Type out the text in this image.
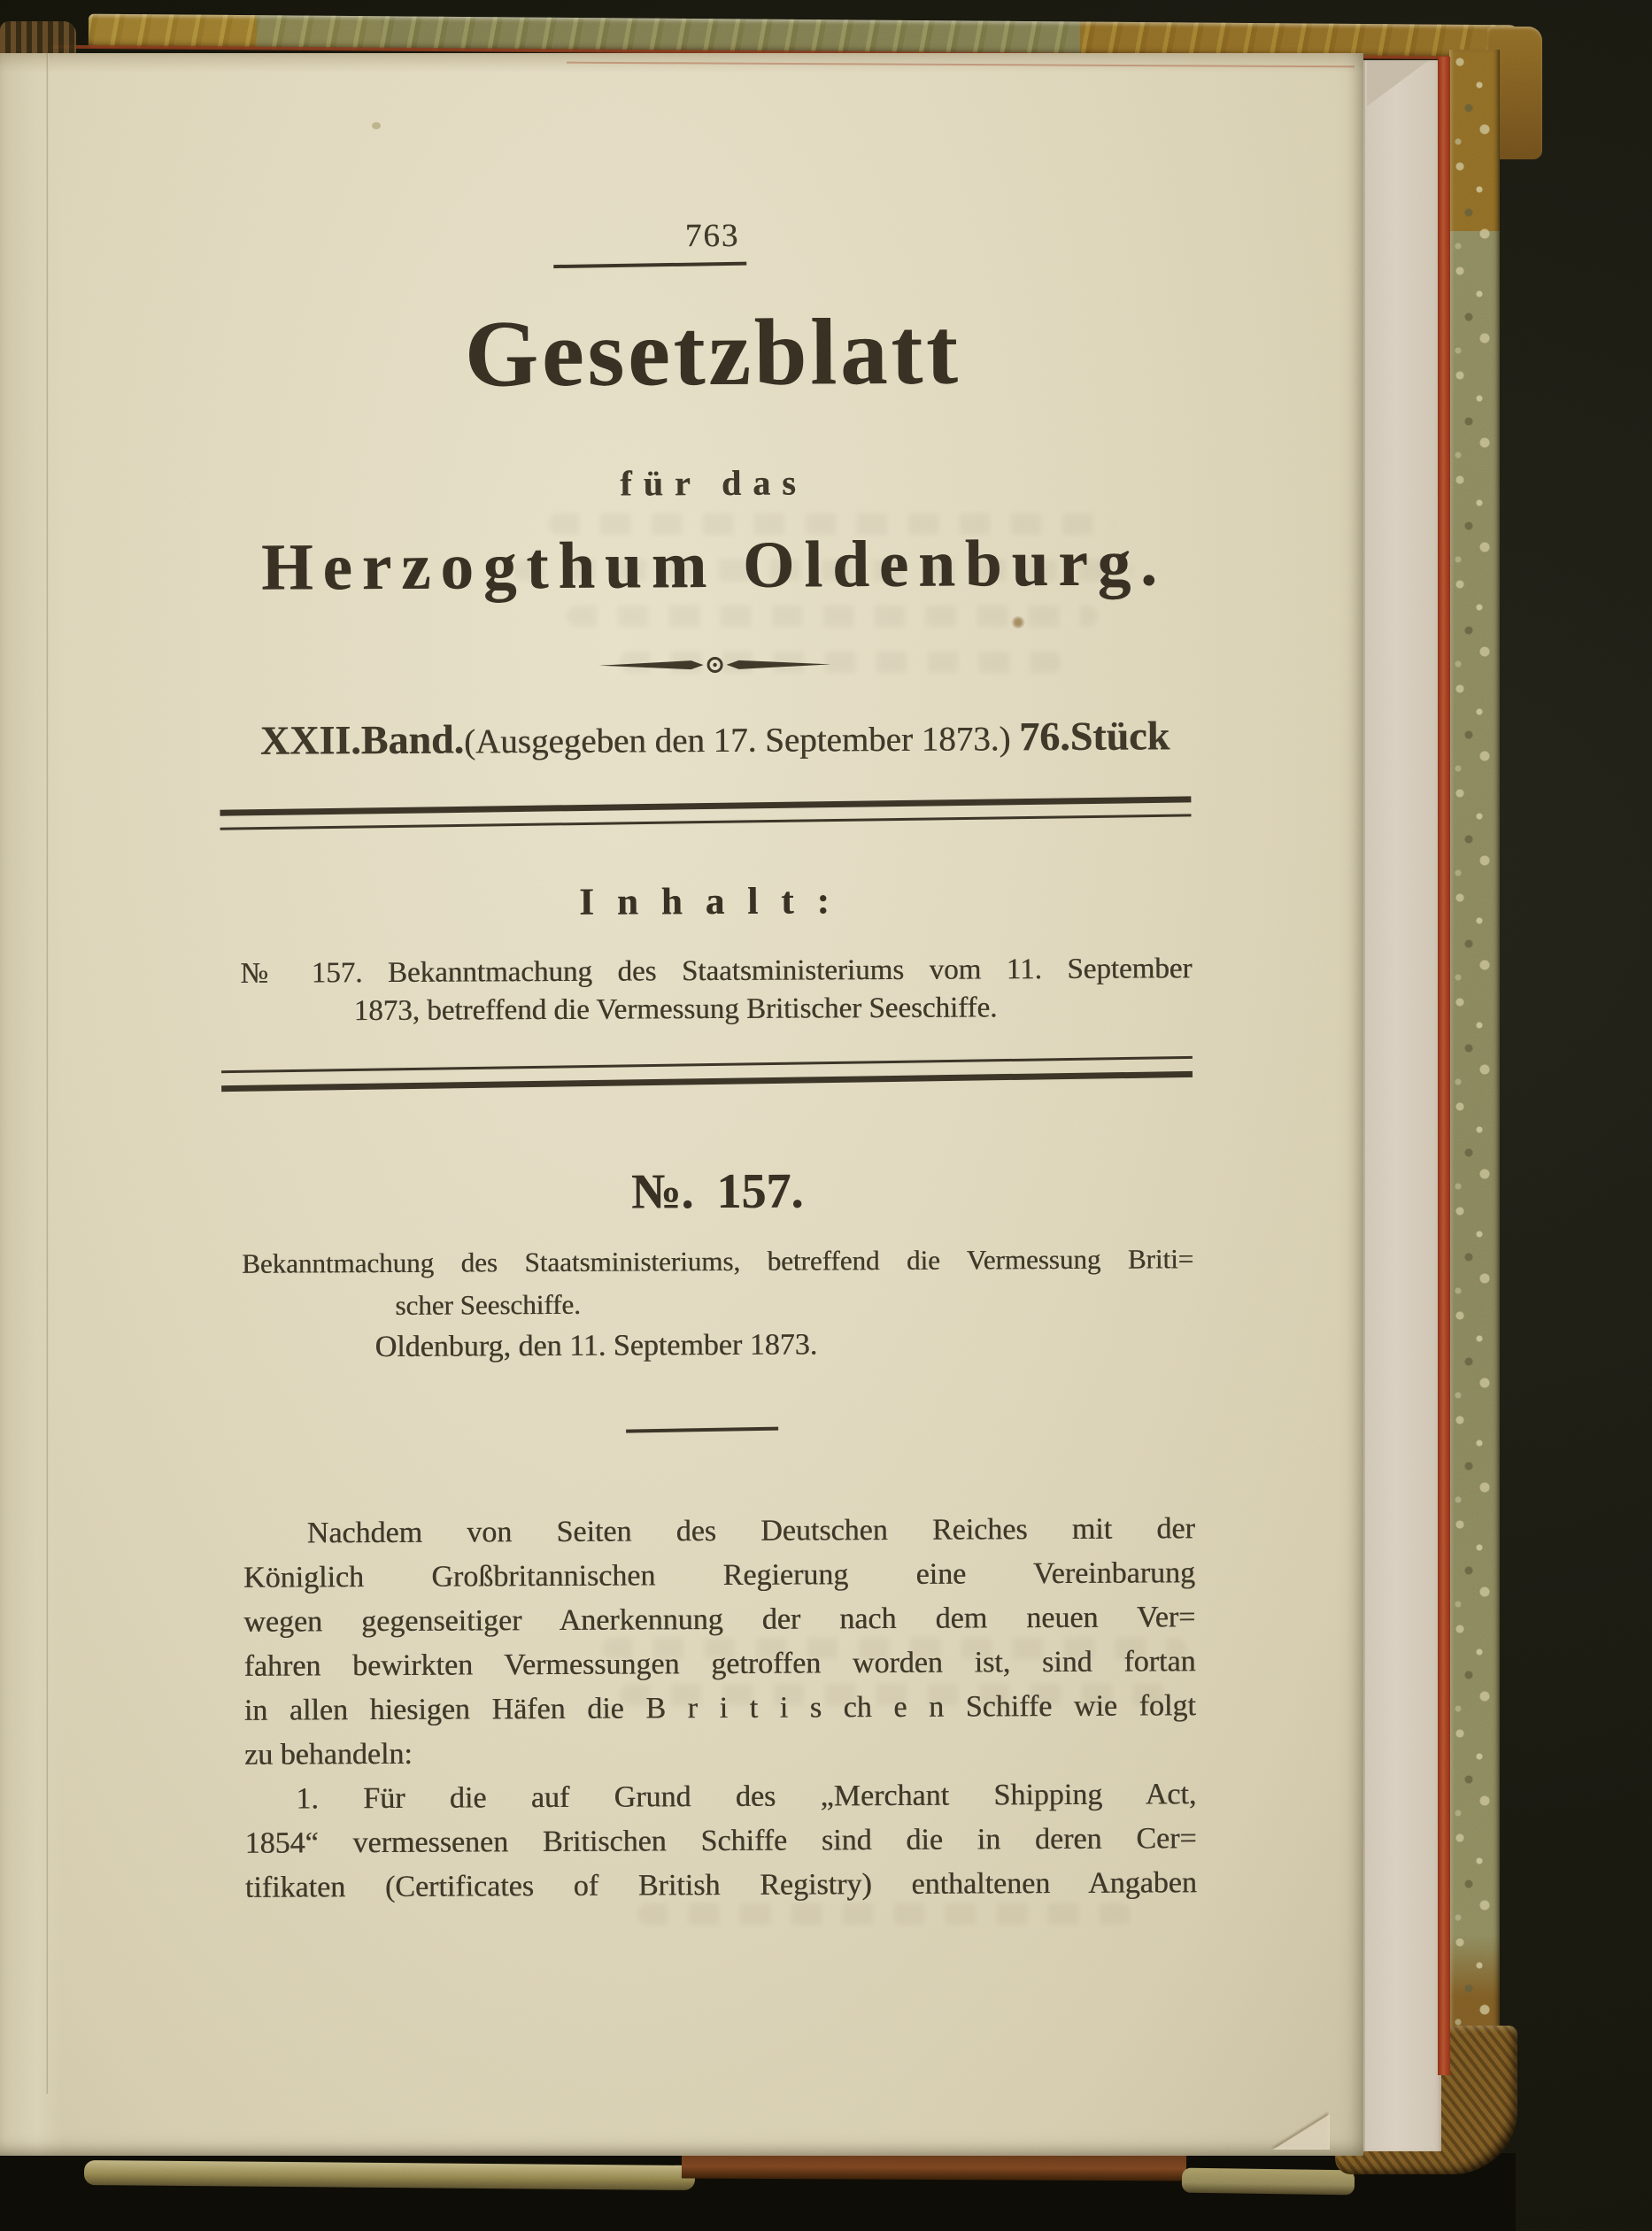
763
Gesetzblatt
für das
Herzogthum Oldenburg.
XXII.Band.(Ausgegeben den 17. September 1873.) 76.Stück
Inhalt:
№ 157. Bekanntmachung des Staatsministeriums vom 11. September
1873, betreffend die Vermessung Britischer Seeschiffe.
№. 157.
Bekanntmachung des Staatsministeriums, betreffend die Vermessung Briti=
scher Seeschiffe.
Oldenburg, den 11. September 1873.
Nachdem von Seiten des Deutschen Reiches mit der
Königlich Großbritannischen Regierung eine Vereinbarung
wegen gegenseitiger Anerkennung der nach dem neuen Ver=
fahren bewirkten Vermessungen getroffen worden ist, sind fortan
in allen hiesigen Häfen die B r i t i s ch e n Schiffe wie folgt
zu behandeln:
1. Für die auf Grund des „Merchant Shipping Act,
1854“ vermessenen Britischen Schiffe sind die in deren Cer=
tifikaten (Certificates of British Registry) enthaltenen Angaben
